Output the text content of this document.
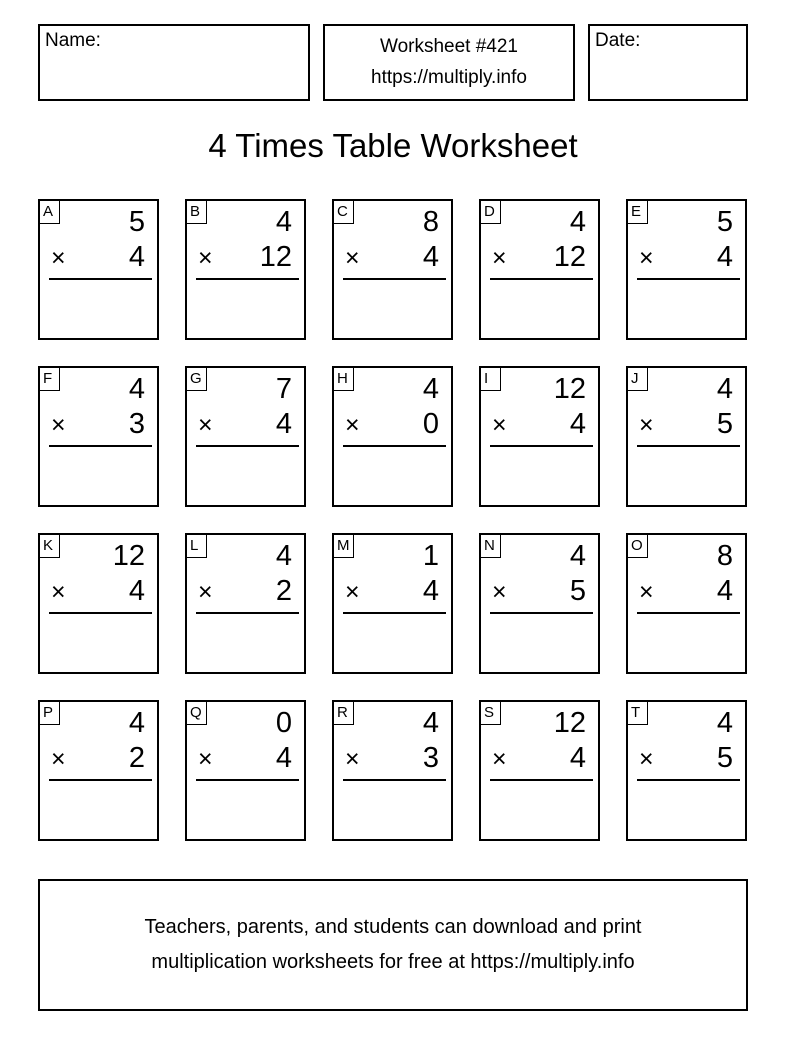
Name:	Worksheet #421
https://multiply.info
Date:
4 Times Table Worksheet
A	5
× 4
B	4
× 12
C	8
× 4
D	4
× 12
E	5
× 4
F	4
× 3
G	7
× 4
H	4
× 0
I	12
× 4
J	4
× 5
K 12
× 4
L	4
× 2
M	1
× 4
N	4
× 5
O	8
× 4
P	4
× 2
Q	0
× 4
R	4
× 3
S 12
× 4
T	4
× 5
Teachers, parents, and students can download and print
multiplication worksheets for free at https://multiply.info
